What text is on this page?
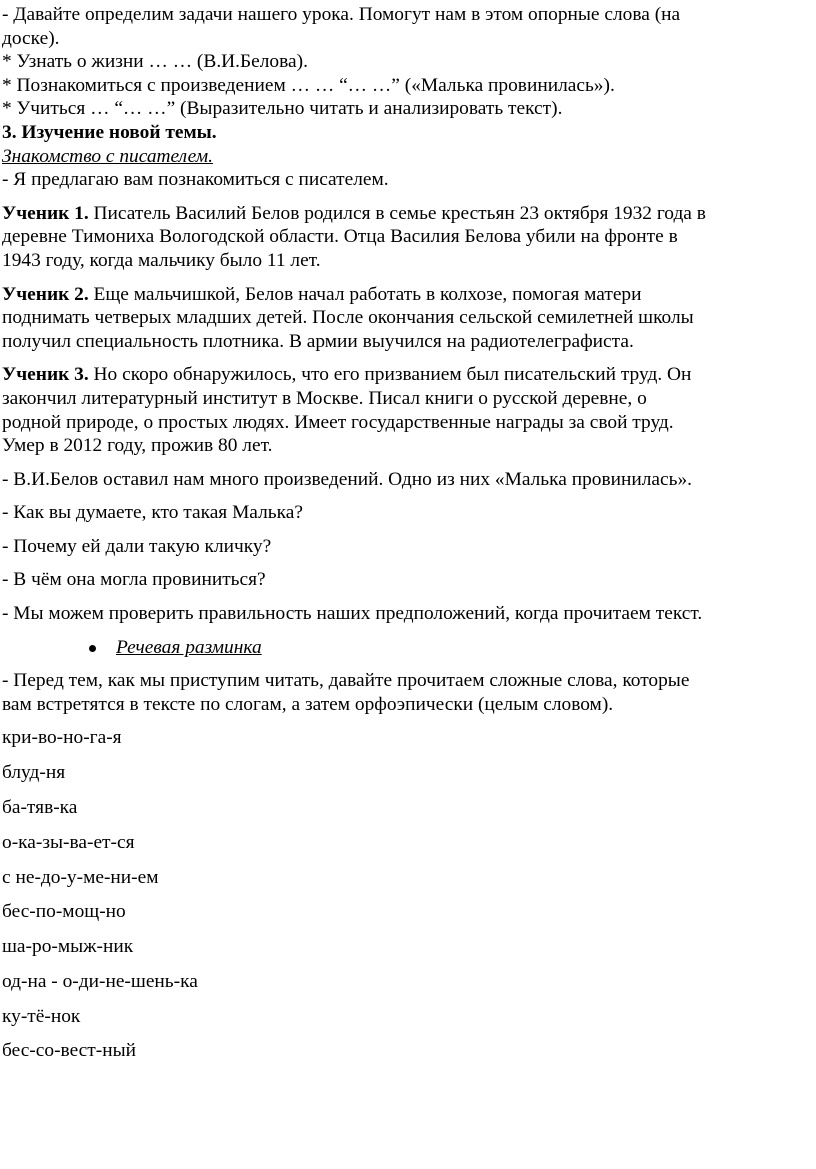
- Давайте определим задачи нашего урока. Помогут нам в этом опорные слова (на
доске).
* Узнать о жизни … … (В.И.Белова).
* Познакомиться с произведением … … “… …” («Малька провинилась»).
* Учиться … “… …” (Выразительно читать и анализировать текст).
3. Изучение новой темы.
Знакомство с писателем.
- Я предлагаю вам познакомиться с писателем.

Ученик 1. Писатель Василий Белов родился в семье крестьян 23 октября 1932 года в
деревне Тимониха Вологодской области. Отца Василия Белова убили на фронте в
1943 году, когда мальчику было 11 лет.

Ученик 2. Еще мальчишкой, Белов начал работать в колхозе, помогая матери
поднимать четверых младших детей. После окончания сельской семилетней школы
получил специальность плотника. В армии выучился на радиотелеграфиста.

Ученик 3. Но скоро обнаружилось, что его призванием был писательский труд. Он
закончил литературный институт в Москве. Писал книги о русской деревне, о
родной природе, о простых людях. Имеет государственные награды за свой труд.
Умер в 2012 году, прожив 80 лет.

- В.И.Белов оставил нам много произведений. Одно из них «Малька провинилась».

- Как вы думаете, кто такая Малька?

- Почему ей дали такую кличку?

- В чём она могла провиниться?

- Мы можем проверить правильность наших предположений, когда прочитаем текст.

Речевая разминка

- Перед тем, как мы приступим читать, давайте прочитаем сложные слова, которые
вам встретятся в тексте по слогам, а затем орфоэпически (целым словом).

кри-во-но-га-я

блуд-ня

ба-тяв-ка

о-ка-зы-ва-ет-ся

с не-до-у-ме-ни-ем

бес-по-мощ-но

ша-ро-мыж-ник

од-на - о-ди-не-шень-ка

ку-тё-нок

бес-со-вест-ный
